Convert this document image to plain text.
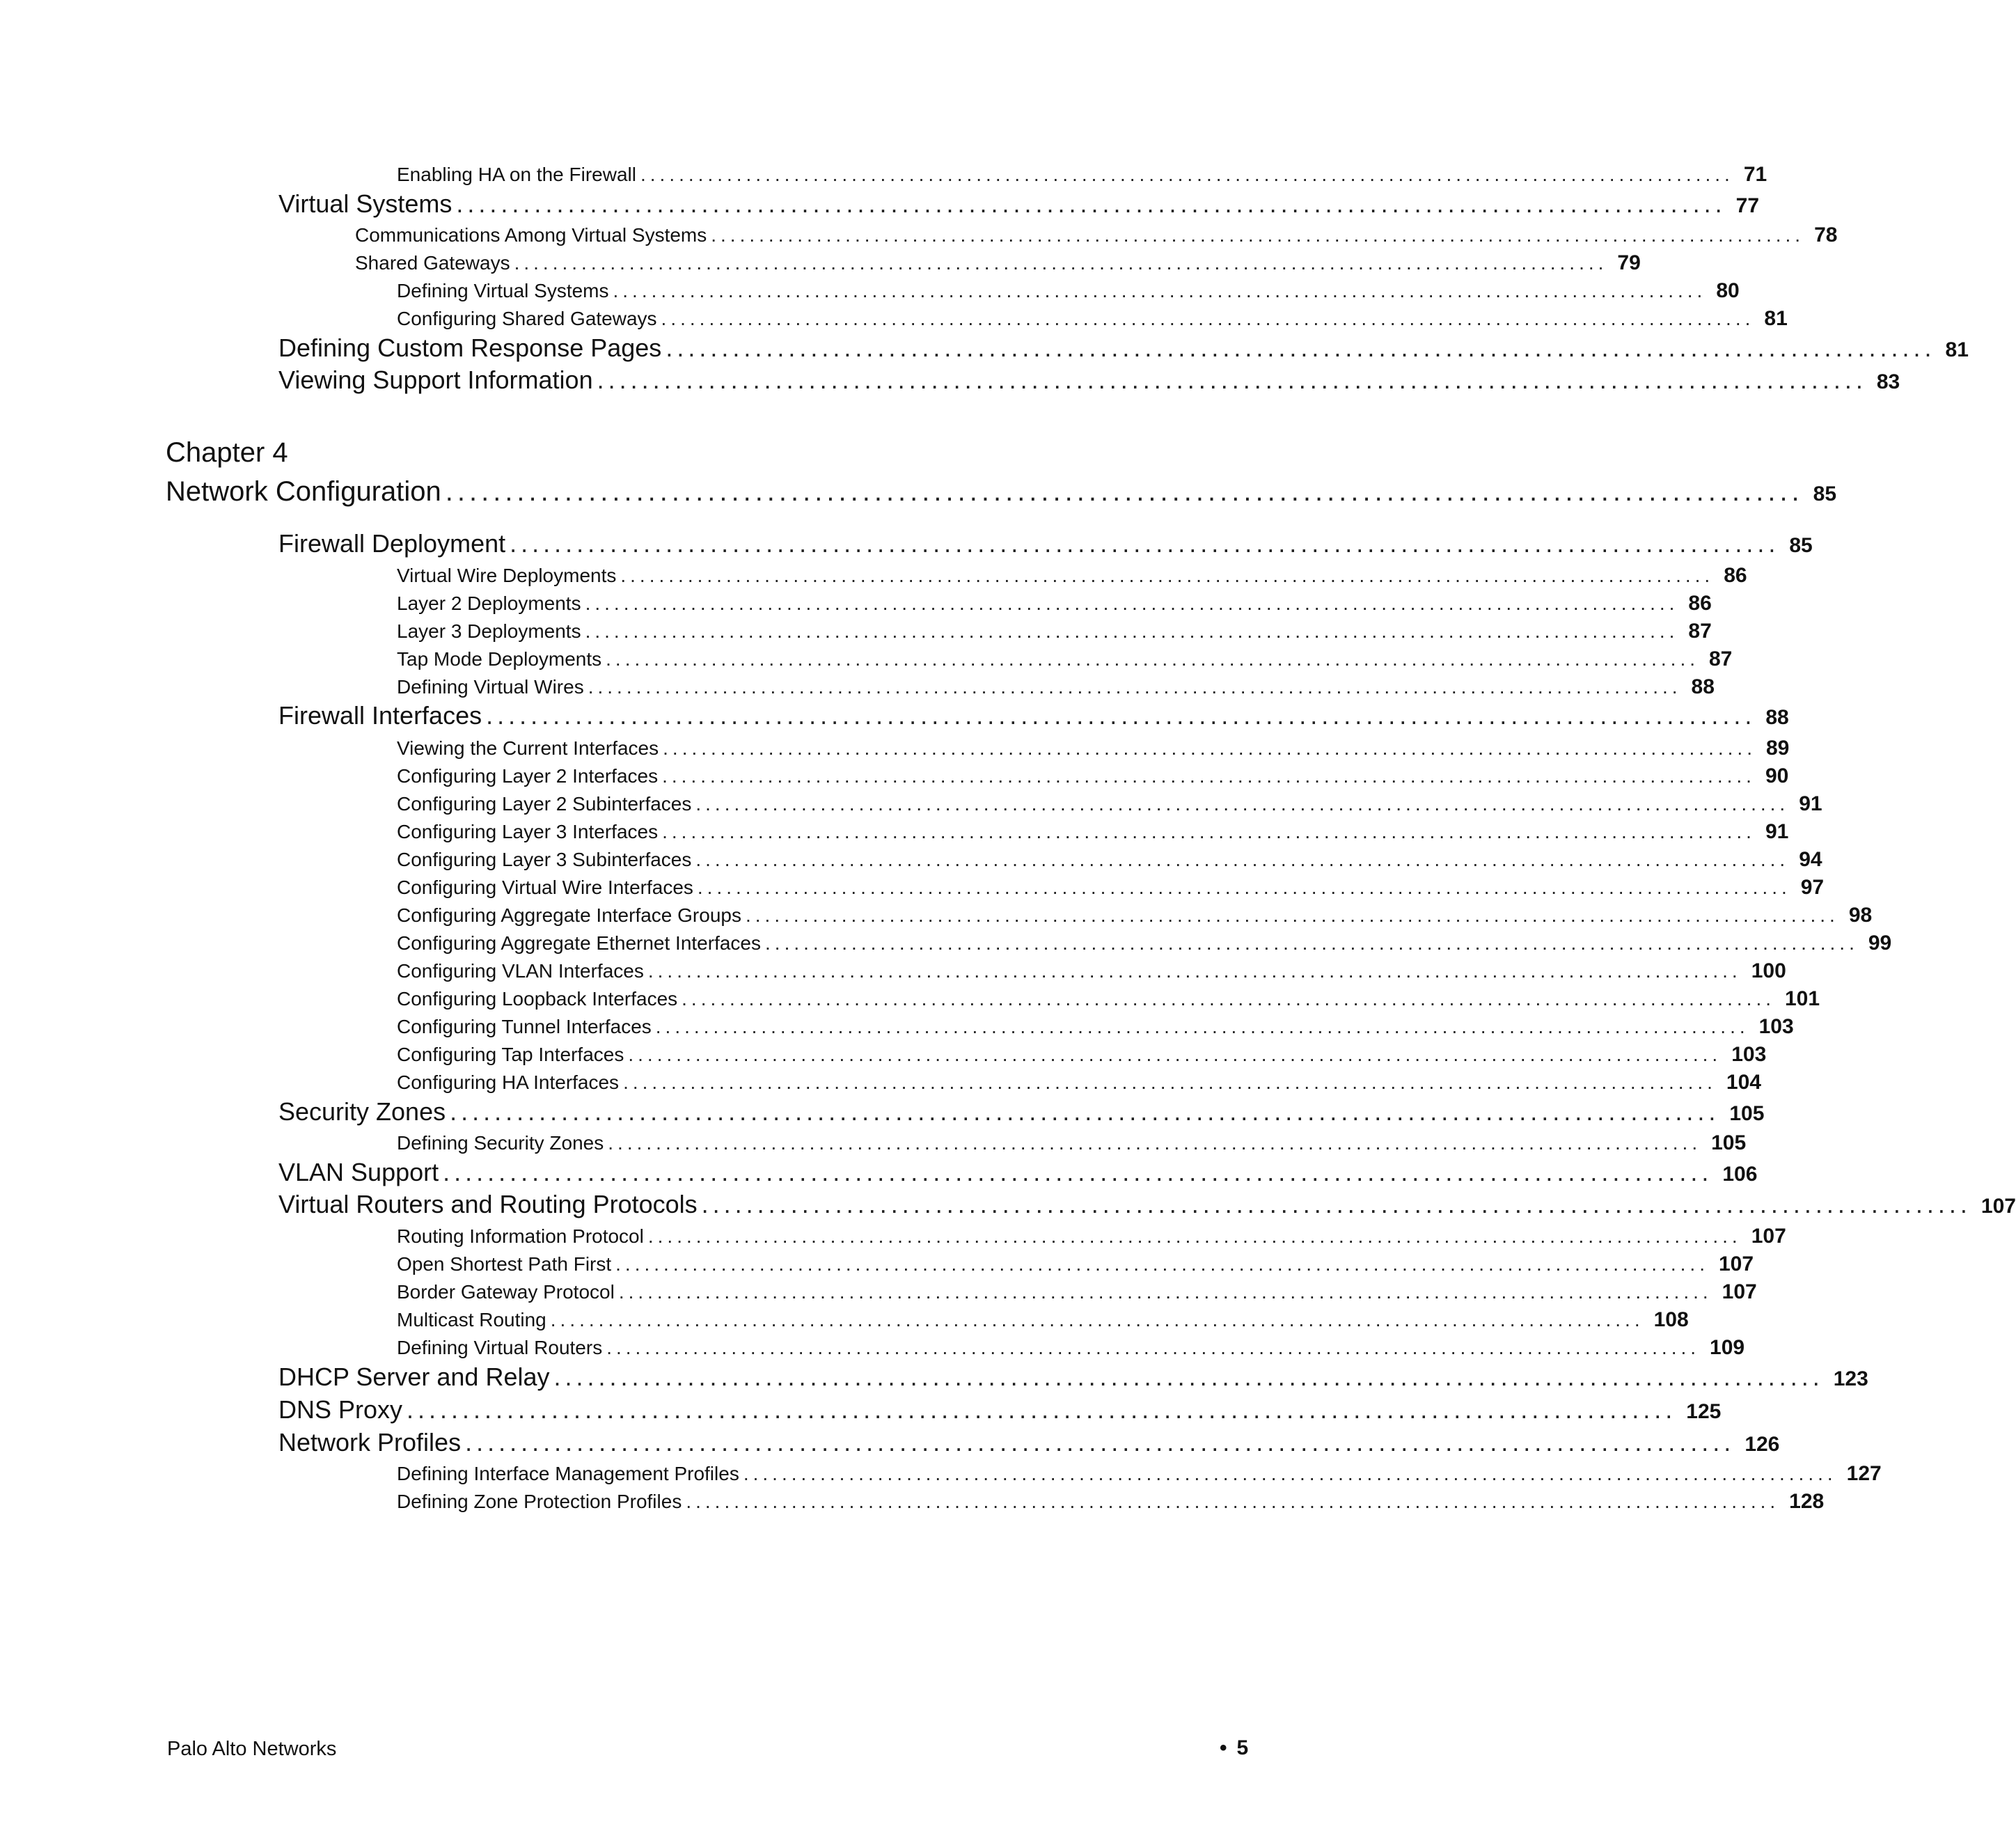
Enabling HA on the Firewall .................................................................................................................. 71
Virtual Systems .................................................................................................................. 77
Communications Among Virtual Systems .................................................................................................................. 78
Shared Gateways .................................................................................................................. 79
Defining Virtual Systems .................................................................................................................. 80
Configuring Shared Gateways .................................................................................................................. 81
Defining Custom Response Pages .................................................................................................................. 81
Viewing Support Information .................................................................................................................. 83
Chapter 4
Network Configuration .................................................................................................................. 85
Firewall Deployment .................................................................................................................. 85
Virtual Wire Deployments .................................................................................................................. 86
Layer 2 Deployments .................................................................................................................. 86
Layer 3 Deployments .................................................................................................................. 87
Tap Mode Deployments .................................................................................................................. 87
Defining Virtual Wires .................................................................................................................. 88
Firewall Interfaces .................................................................................................................. 88
Viewing the Current Interfaces .................................................................................................................. 89
Configuring Layer 2 Interfaces .................................................................................................................. 90
Configuring Layer 2 Subinterfaces .................................................................................................................. 91
Configuring Layer 3 Interfaces .................................................................................................................. 91
Configuring Layer 3 Subinterfaces .................................................................................................................. 94
Configuring Virtual Wire Interfaces .................................................................................................................. 97
Configuring Aggregate Interface Groups .................................................................................................................. 98
Configuring Aggregate Ethernet Interfaces .................................................................................................................. 99
Configuring VLAN Interfaces .................................................................................................................. 100
Configuring Loopback Interfaces .................................................................................................................. 101
Configuring Tunnel Interfaces .................................................................................................................. 103
Configuring Tap Interfaces .................................................................................................................. 103
Configuring HA Interfaces .................................................................................................................. 104
Security Zones .................................................................................................................. 105
Defining Security Zones .................................................................................................................. 105
VLAN Support .................................................................................................................. 106
Virtual Routers and Routing Protocols .................................................................................................................. 107
Routing Information Protocol .................................................................................................................. 107
Open Shortest Path First .................................................................................................................. 107
Border Gateway Protocol .................................................................................................................. 107
Multicast Routing .................................................................................................................. 108
Defining Virtual Routers .................................................................................................................. 109
DHCP Server and Relay .................................................................................................................. 123
DNS Proxy .................................................................................................................. 125
Network Profiles .................................................................................................................. 126
Defining Interface Management Profiles .................................................................................................................. 127
Defining Zone Protection Profiles .................................................................................................................. 128
Palo Alto Networks	• 5
